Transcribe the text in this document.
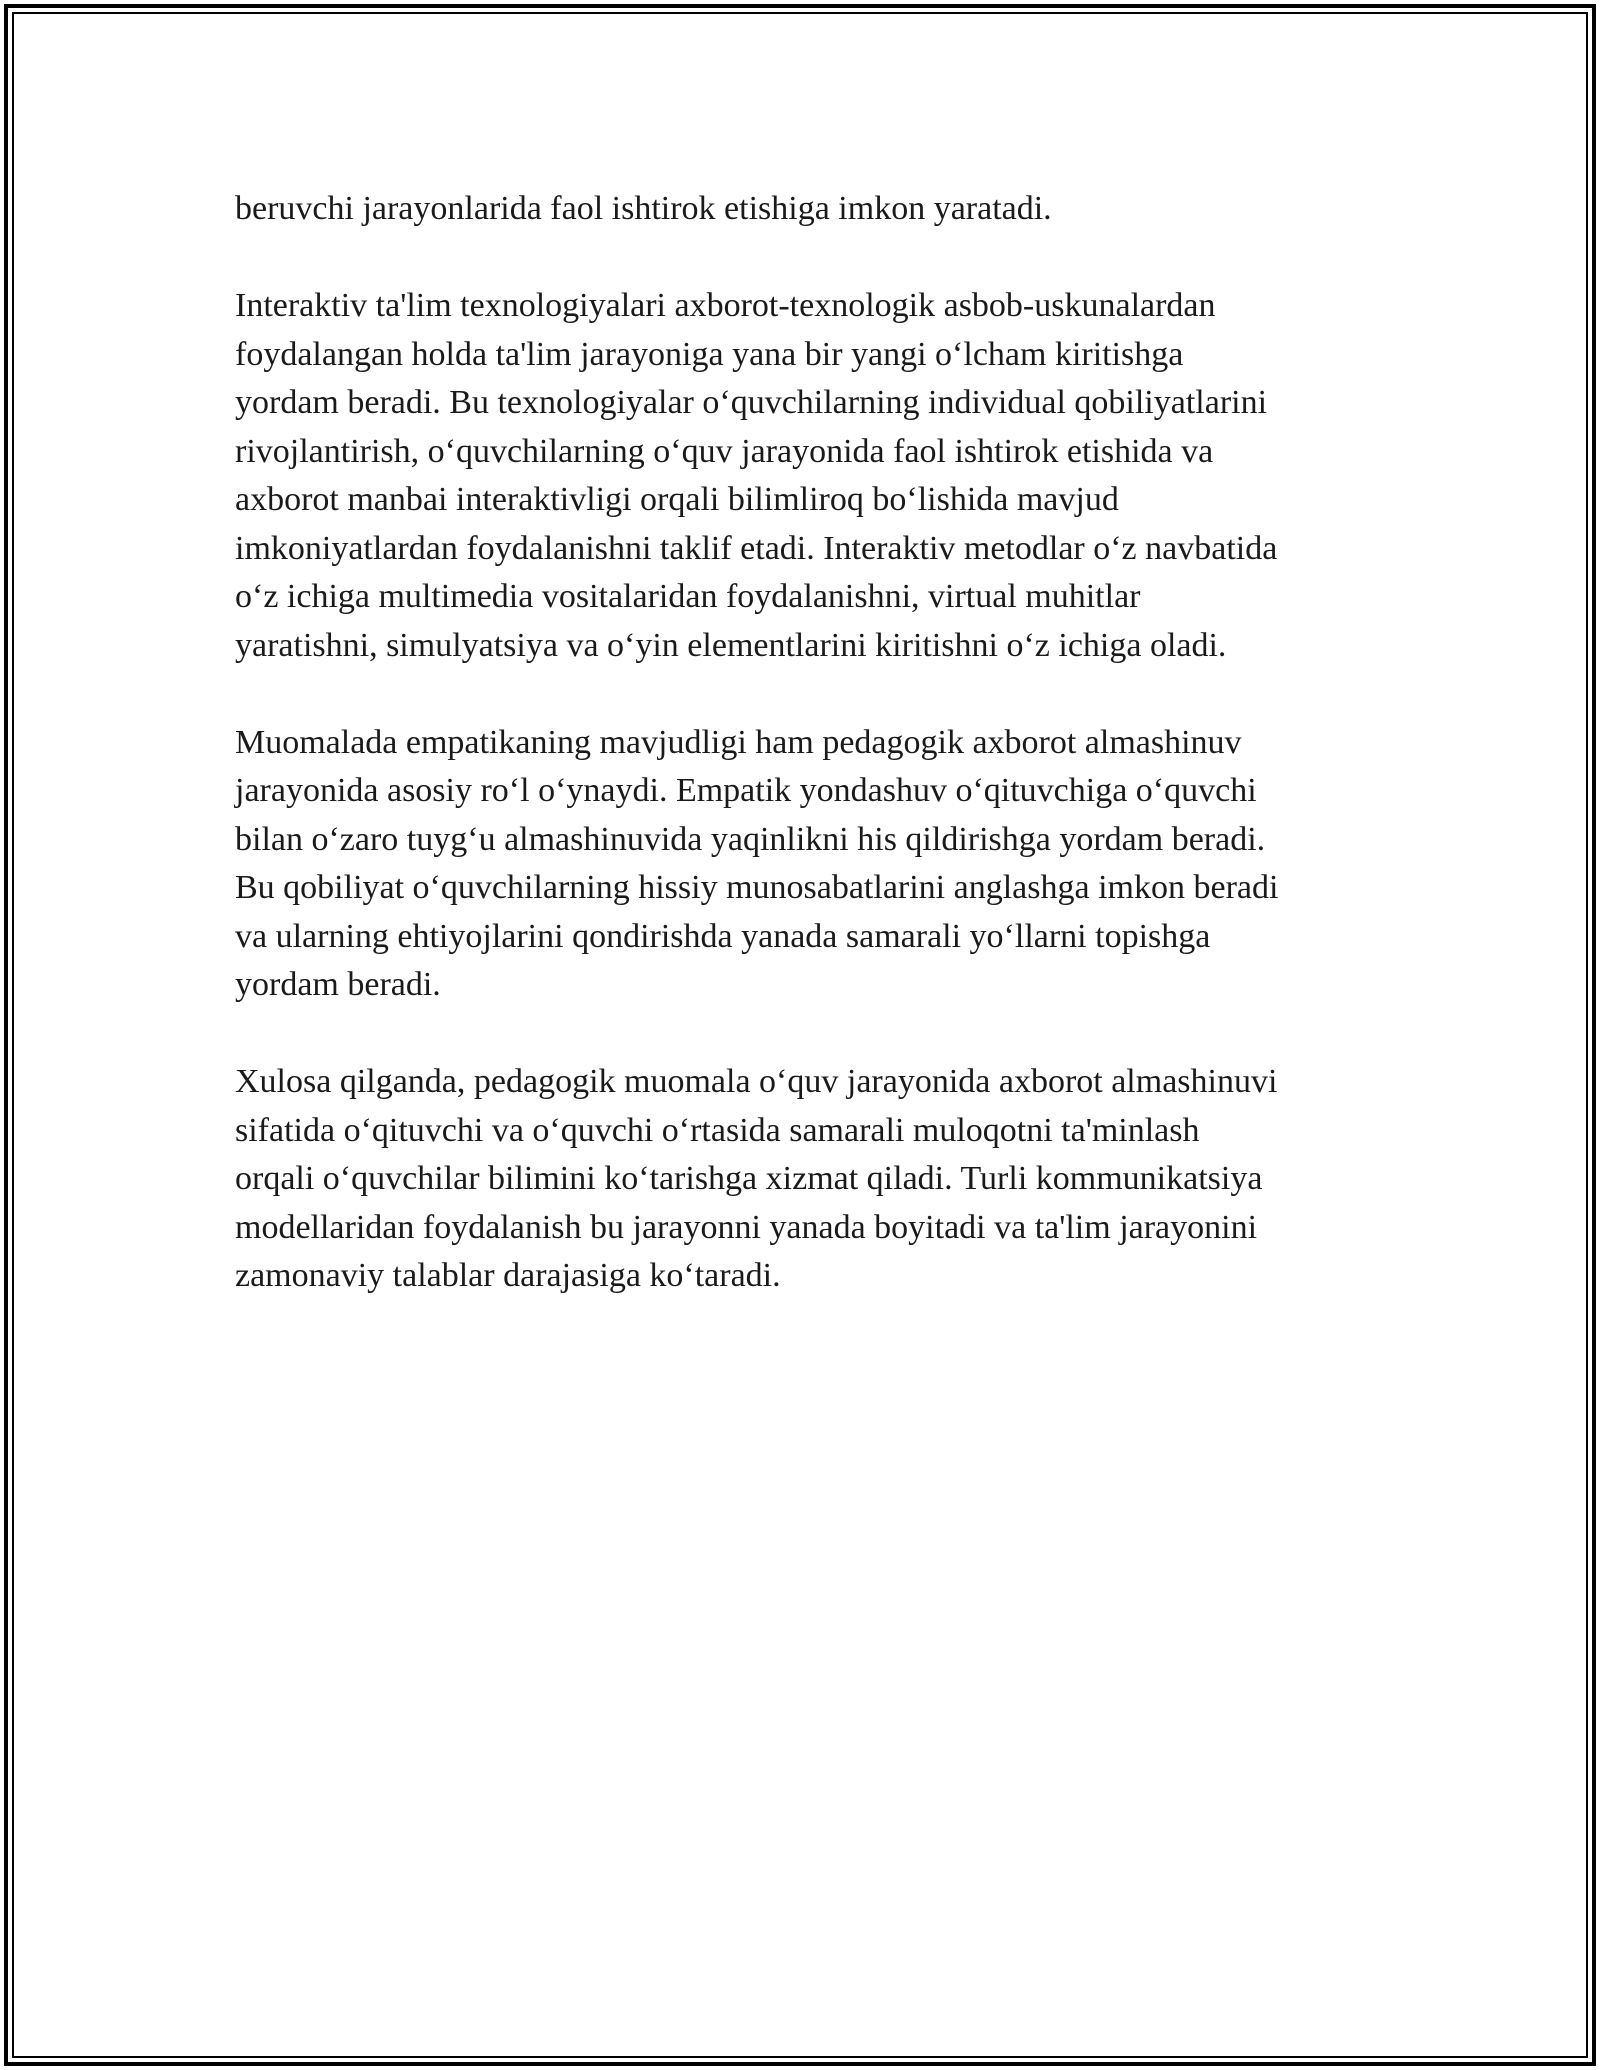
beruvchi jarayonlarida faol ishtirok etishiga imkon yaratadi.
Interaktiv ta'lim texnologiyalari axborot-texnologik asbob-uskunalardan
foydalangan holda ta'lim jarayoniga yana bir yangi o‘lcham kiritishga
yordam beradi. Bu texnologiyalar o‘quvchilarning individual qobiliyatlarini
rivojlantirish, o‘quvchilarning o‘quv jarayonida faol ishtirok etishida va
axborot manbai interaktivligi orqali bilimliroq bo‘lishida mavjud
imkoniyatlardan foydalanishni taklif etadi. Interaktiv metodlar o‘z navbatida
o‘z ichiga multimedia vositalaridan foydalanishni, virtual muhitlar
yaratishni, simulyatsiya va o‘yin elementlarini kiritishni o‘z ichiga oladi.
Muomalada empatikaning mavjudligi ham pedagogik axborot almashinuv
jarayonida asosiy ro‘l o‘ynaydi. Empatik yondashuv o‘qituvchiga o‘quvchi
bilan o‘zaro tuyg‘u almashinuvida yaqinlikni his qildirishga yordam beradi.
Bu qobiliyat o‘quvchilarning hissiy munosabatlarini anglashga imkon beradi
va ularning ehtiyojlarini qondirishda yanada samarali yo‘llarni topishga
yordam beradi.
Xulosa qilganda, pedagogik muomala o‘quv jarayonida axborot almashinuvi
sifatida o‘qituvchi va o‘quvchi o‘rtasida samarali muloqotni ta'minlash
orqali o‘quvchilar bilimini ko‘tarishga xizmat qiladi. Turli kommunikatsiya
modellaridan foydalanish bu jarayonni yanada boyitadi va ta'lim jarayonini
zamonaviy talablar darajasiga ko‘taradi.
